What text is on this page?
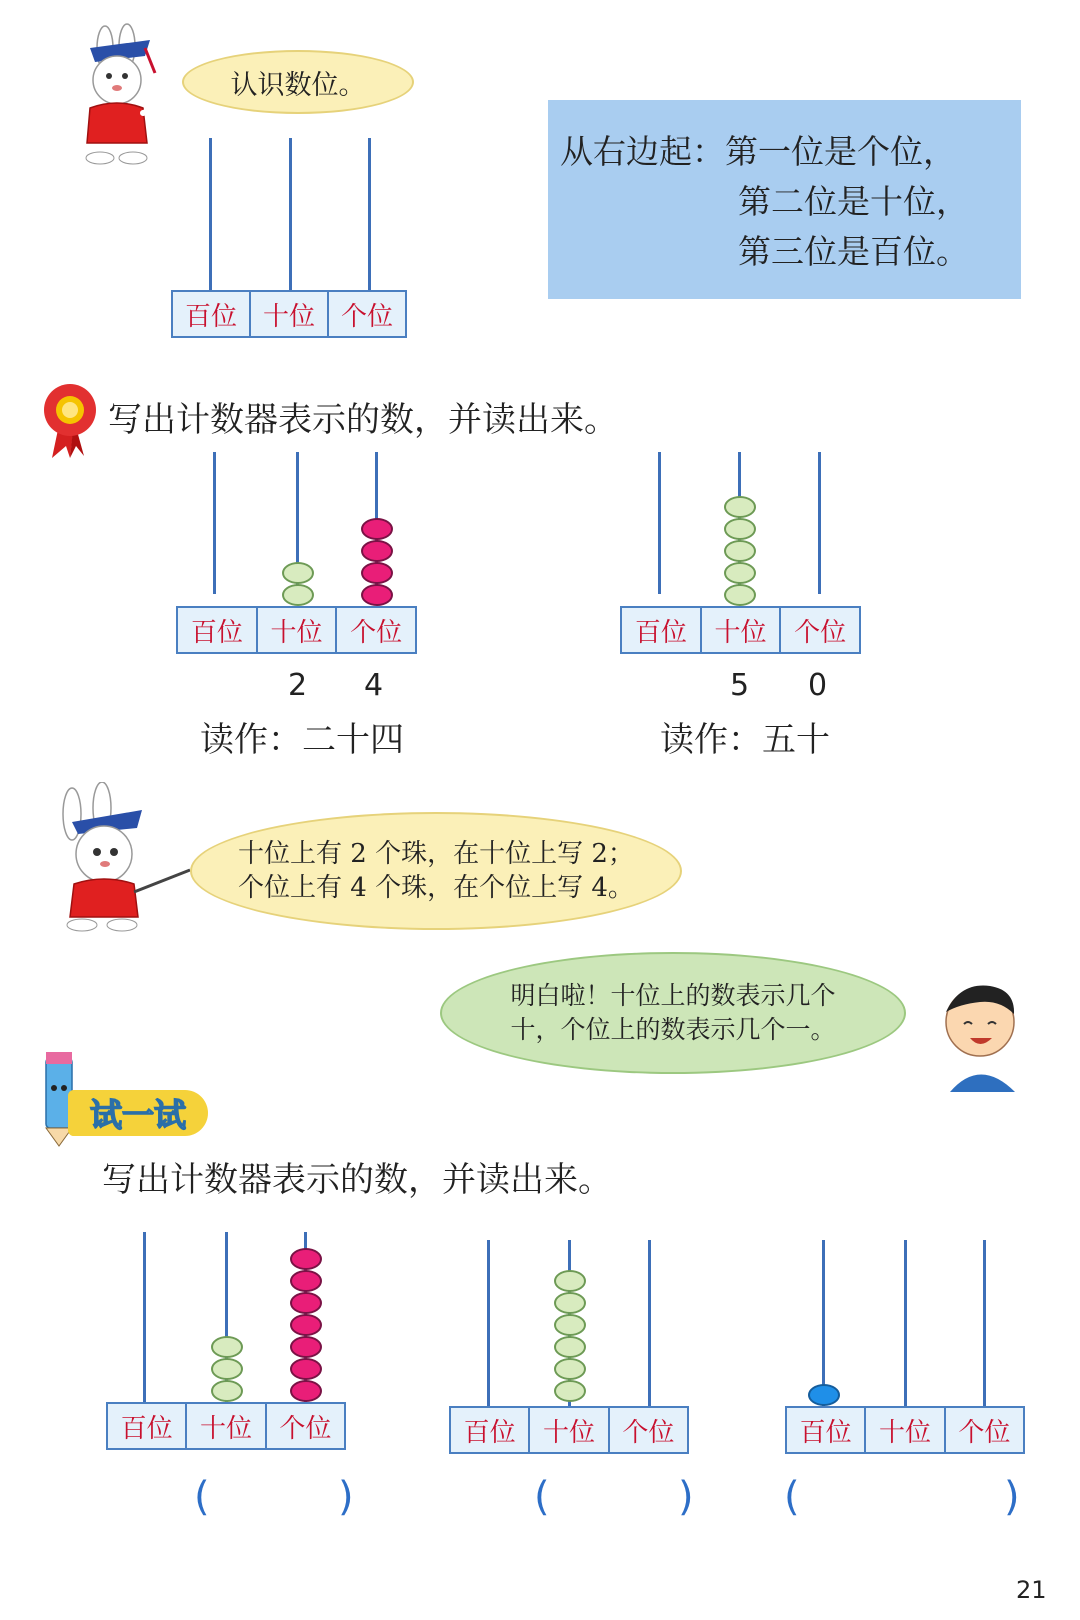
认识数位。
百位 十位 个位
从右边起：第一位是个位，
第二位是十位，
第三位是百位。
写出计数器表示的数，并读出来。
百位	十位	个位
2 4
读作：二十四
百位	十位	个位
5 0
读作：五十
十位上有 2 个珠，在十位上写 2；
个位上有 4 个珠，在个位上写 4。
明白啦！十位上的数表示几个
十，个位上的数表示几个一。
试一试
写出计数器表示的数，并读出来。
百位	十位	个位
(	)
百位	十位	个位
(	)
百位	十位	个位
(	)
21
